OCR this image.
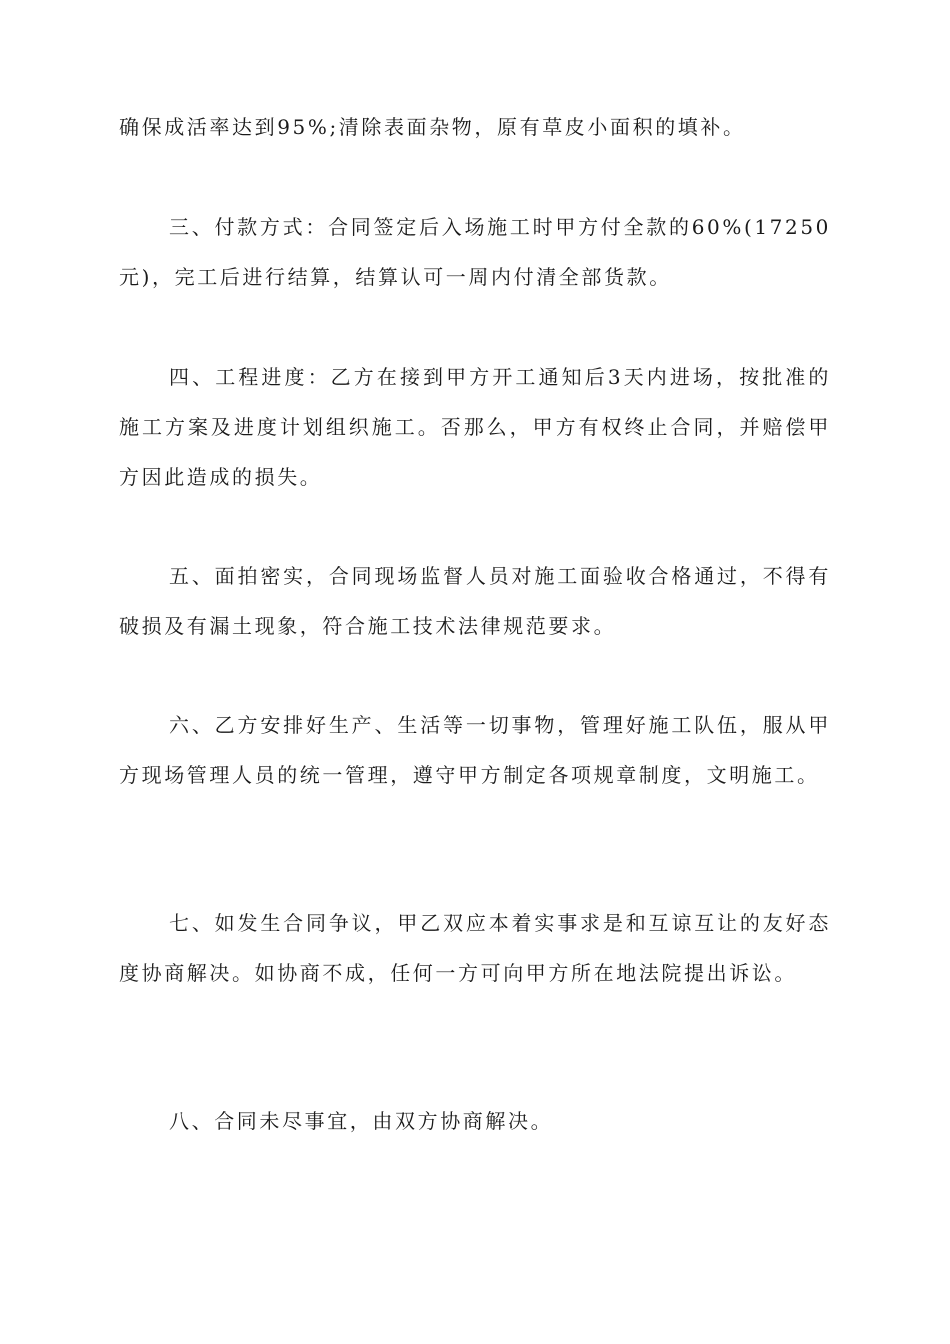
确保成活率达到95%;清除表面杂物，原有草皮小面积的填补。

三、付款方式：合同签定后入场施工时甲方付全款的60%(17250元)，完工后进行结算，结算认可一周内付清全部货款。

四、工程进度：乙方在接到甲方开工通知后3天内进场，按批准的施工方案及进度计划组织施工。否那么，甲方有权终止合同，并赔偿甲方因此造成的损失。

五、面拍密实，合同现场监督人员对施工面验收合格通过，不得有破损及有漏土现象，符合施工技术法律规范要求。

六、乙方安排好生产、生活等一切事物，管理好施工队伍，服从甲方现场管理人员的统一管理，遵守甲方制定各项规章制度，文明施工。

七、如发生合同争议，甲乙双应本着实事求是和互谅互让的友好态度协商解决。如协商不成，任何一方可向甲方所在地法院提出诉讼。

八、合同未尽事宜，由双方协商解决。
